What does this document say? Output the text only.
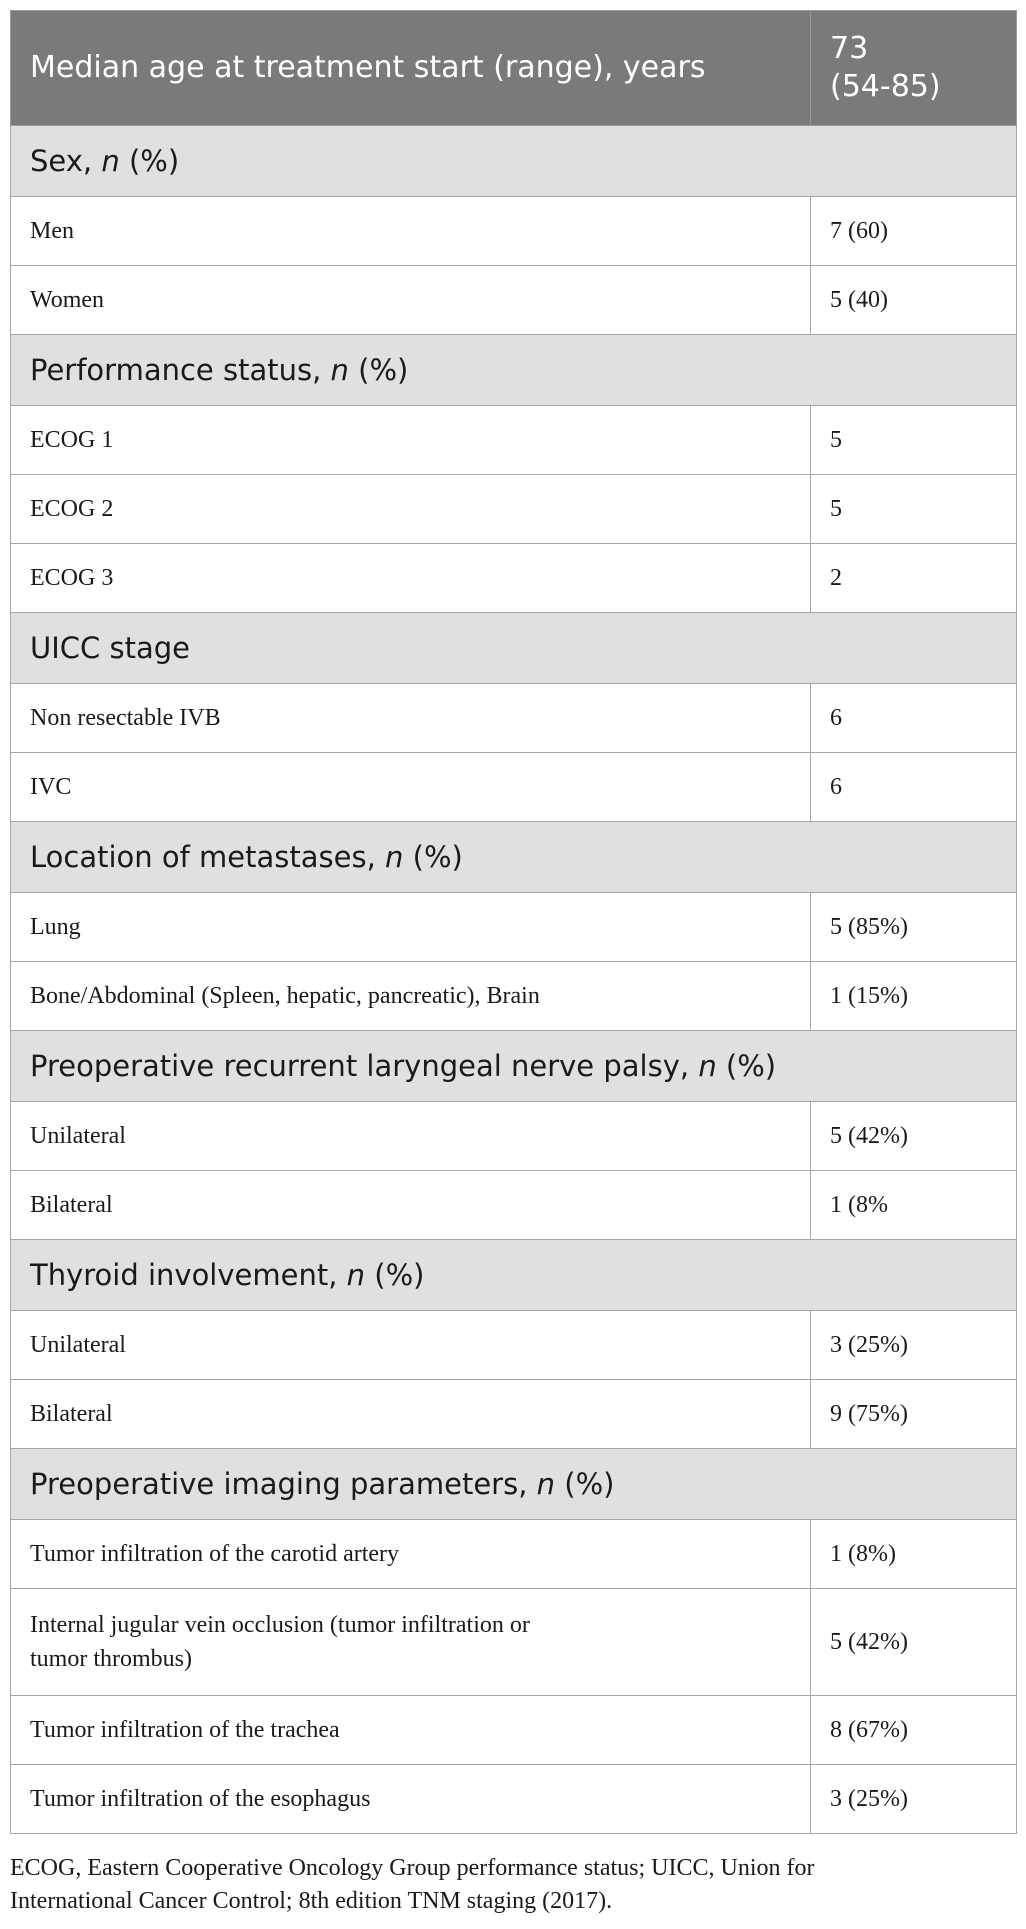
Median age at treatment start (range), years	73
(54-85)
Sex, n (%)	
Men	7 (60)
Women	5 (40)
Performance status, n (%)	
ECOG 1	5
ECOG 2	5
ECOG 3	2
UICC stage	
Non resectable IVB	6
IVC	6
Location of metastases, n (%)	
Lung	5 (85%)
Bone/Abdominal (Spleen, hepatic, pancreatic), Brain	1 (15%)
Preoperative recurrent laryngeal nerve palsy, n (%)	
Unilateral	5 (42%)
Bilateral	1 (8%
Thyroid involvement, n (%)	
Unilateral	3 (25%)
Bilateral	9 (75%)
Preoperative imaging parameters, n (%)	
Tumor infiltration of the carotid artery	1 (8%)
Internal jugular vein occlusion (tumor infiltration or
tumor thrombus)	5 (42%)
Tumor infiltration of the trachea	8 (67%)
Tumor infiltration of the esophagus	3 (25%)
ECOG, Eastern Cooperative Oncology Group performance status; UICC, Union for
International Cancer Control; 8th edition TNM staging (2017).
